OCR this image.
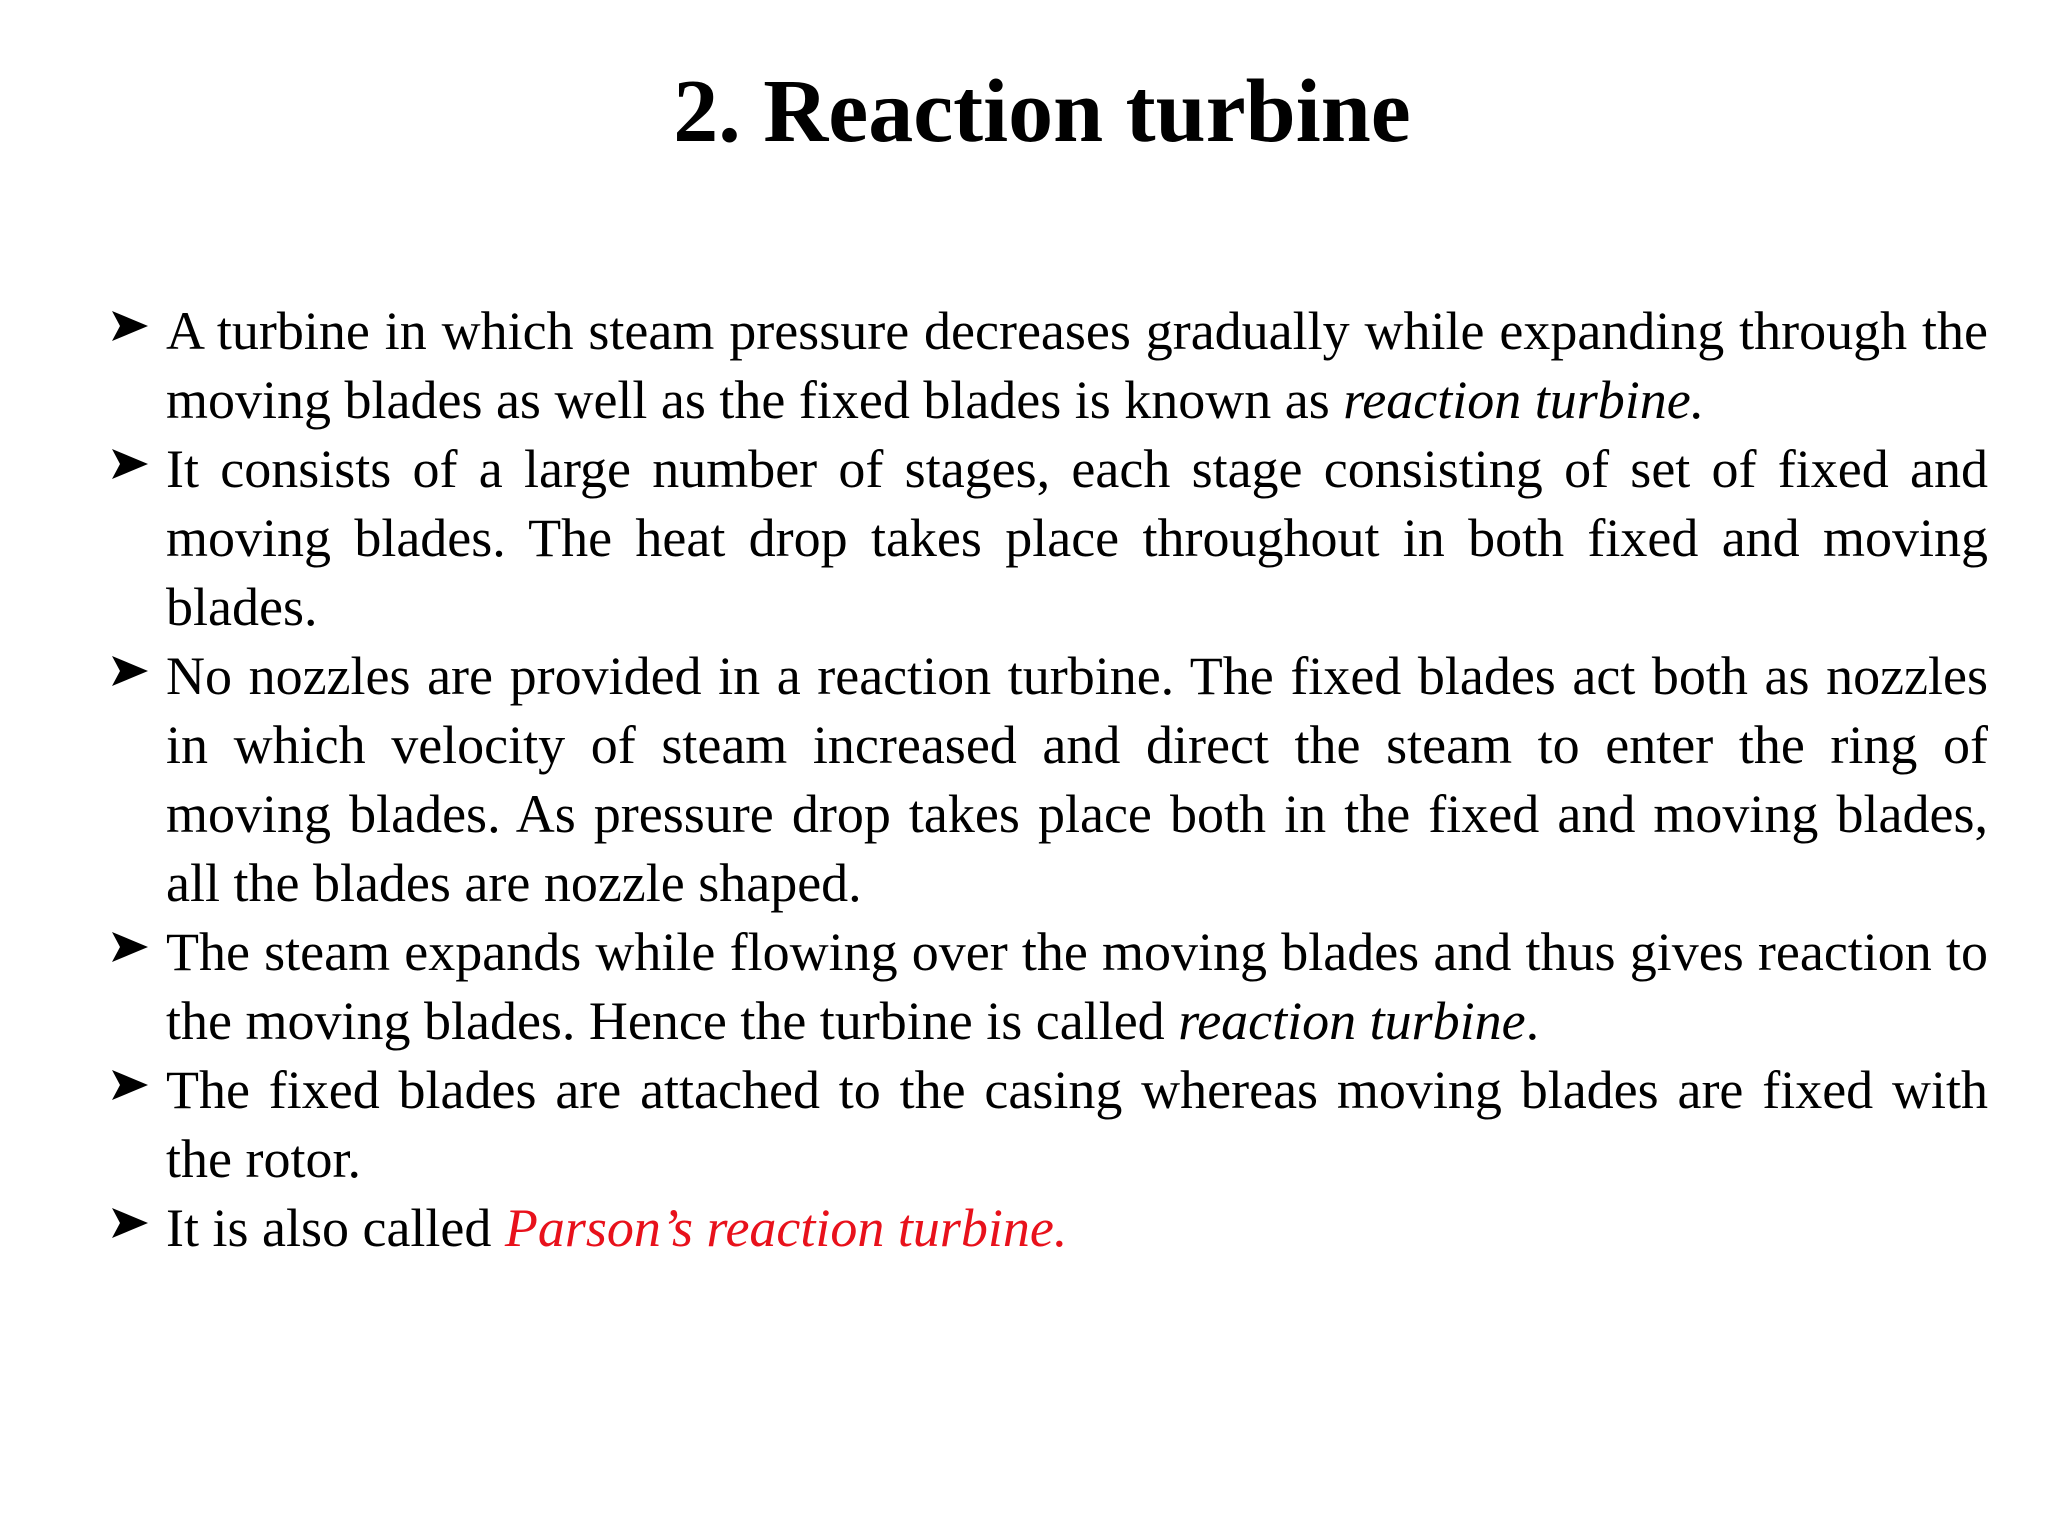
2. Reaction turbine
A turbine in which steam pressure decreases gradually while expanding through the moving blades as well as the fixed blades is known as reaction turbine.
It consists of a large number of stages, each stage consisting of set of fixed and moving blades. The heat drop takes place throughout in both fixed and moving blades.
No nozzles are provided in a reaction turbine. The fixed blades act both as nozzles in which velocity of steam increased and direct the steam to enter the ring of moving blades. As pressure drop takes place both in the fixed and moving blades, all the blades are nozzle shaped.
The steam expands while flowing over the moving blades and thus gives reaction to the moving blades. Hence the turbine is called reaction turbine.
The fixed blades are attached to the casing whereas moving blades are fixed with the rotor.
It is also called Parson’s reaction turbine.
